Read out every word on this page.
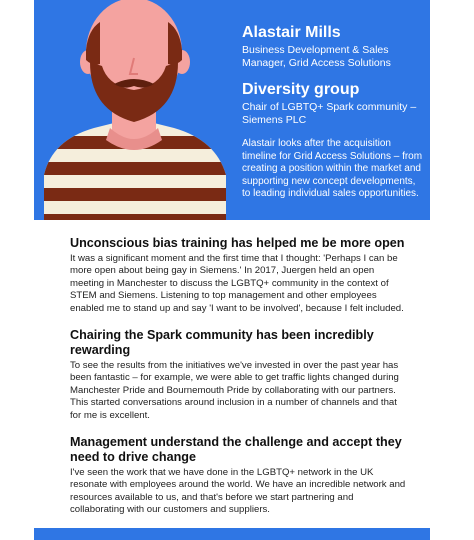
Alastair Mills

Business Development & Sales Manager, Grid Access Solutions

Diversity group

Chair of LGBTQ+ Spark community – Siemens PLC

Alastair looks after the acquisition timeline for Grid Access Solutions – from creating a position within the market and supporting new concept developments, to leading individual sales opportunities.

Unconscious bias training has helped me be more open

It was a significant moment and the first time that I thought: 'Perhaps I can be more open about being gay in Siemens.' In 2017, Juergen held an open meeting in Manchester to discuss the LGBTQ+ community in the context of STEM and Siemens. Listening to top management and other employees enabled me to stand up and say 'I want to be involved', because I felt included.

Chairing the Spark community has been incredibly rewarding

To see the results from the initiatives we've invested in over the past year has been fantastic – for example, we were able to get traffic lights changed during Manchester Pride and Bournemouth Pride by collaborating with our partners. This started conversations around inclusion in a number of channels and that for me is excellent.

Management understand the challenge and accept they need to drive change

I've seen the work that we have done in the LGBTQ+ network in the UK resonate with employees around the world. We have an incredible network and resources available to us, and that's before we start partnering and collaborating with our customers and suppliers.
